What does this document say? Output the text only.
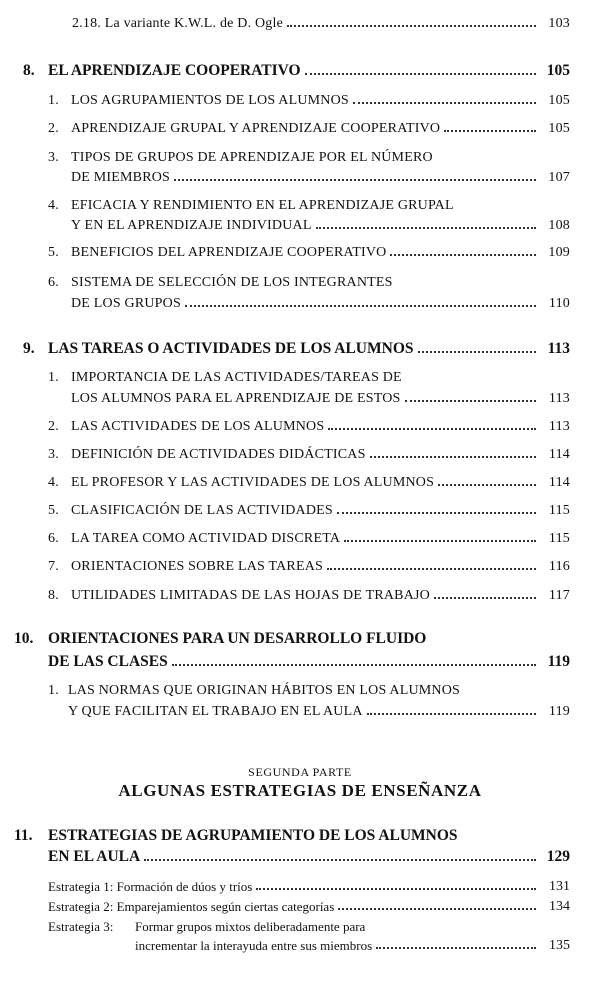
2.18. La variante K.W.L. de D. Ogle	103
8. EL APRENDIZAJE COOPERATIVO	105
1. LOS AGRUPAMIENTOS DE LOS ALUMNOS	105
2. APRENDIZAJE GRUPAL Y APRENDIZAJE COOPERATIVO	105
3. TIPOS DE GRUPOS DE APRENDIZAJE POR EL NÚMERO
DE MIEMBROS	107
4. EFICACIA Y RENDIMIENTO EN EL APRENDIZAJE GRUPAL
Y EN EL APRENDIZAJE INDIVIDUAL	108
5. BENEFICIOS DEL APRENDIZAJE COOPERATIVO	109
6. SISTEMA DE SELECCIÓN DE LOS INTEGRANTES
DE LOS GRUPOS	110
9. LAS TAREAS O ACTIVIDADES DE LOS ALUMNOS	113
1. IMPORTANCIA DE LAS ACTIVIDADES/TAREAS DE
LOS ALUMNOS PARA EL APRENDIZAJE DE ESTOS	113
2. LAS ACTIVIDADES DE LOS ALUMNOS	113
3. DEFINICIÓN DE ACTIVIDADES DIDÁCTICAS	114
4. EL PROFESOR Y LAS ACTIVIDADES DE LOS ALUMNOS	114
5. CLASIFICACIÓN DE LAS ACTIVIDADES	115
6. LA TAREA COMO ACTIVIDAD DISCRETA	115
7. ORIENTACIONES SOBRE LAS TAREAS	116
8. UTILIDADES LIMITADAS DE LAS HOJAS DE TRABAJO	117
10. ORIENTACIONES PARA UN DESARROLLO FLUIDO
DE LAS CLASES	119
1. LAS NORMAS QUE ORIGINAN HÁBITOS EN LOS ALUMNOS
Y QUE FACILITAN EL TRABAJO EN EL AULA	119
SEGUNDA PARTE
ALGUNAS ESTRATEGIAS DE ENSEÑANZA
11. ESTRATEGIAS DE AGRUPAMIENTO DE LOS ALUMNOS
EN EL AULA	129
Estrategia 1: Formación de dúos y tríos	131
Estrategia 2: Emparejamientos según ciertas categorías	134
Estrategia 3: Formar grupos mixtos deliberadamente para
incrementar la interayuda entre sus miembros	135
